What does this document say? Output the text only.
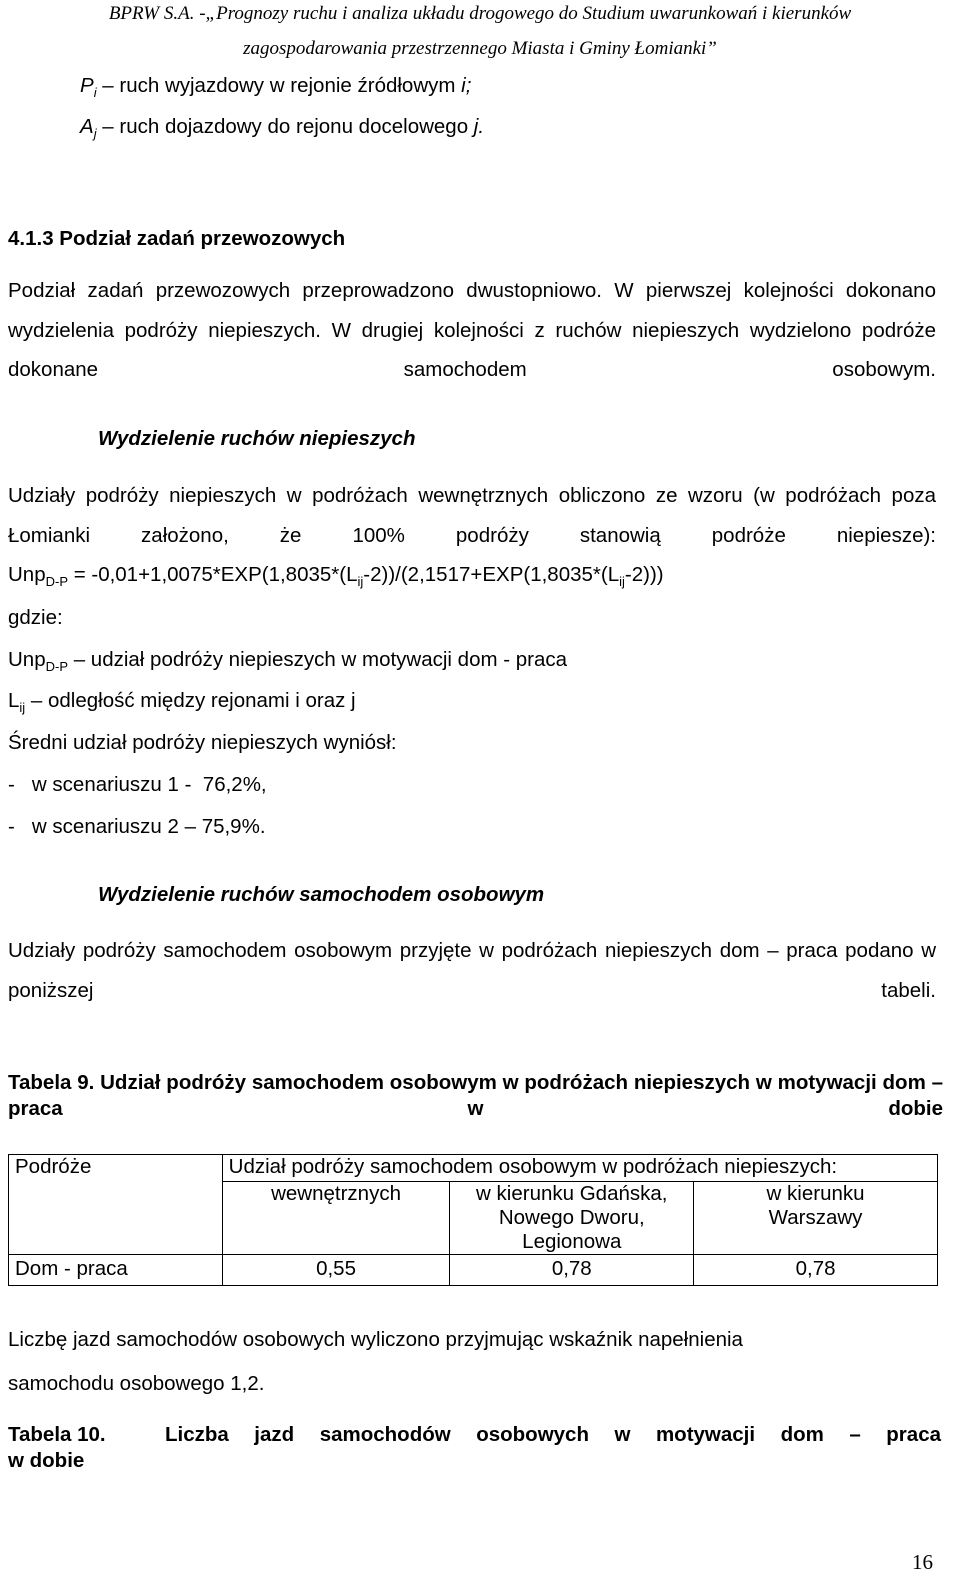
BPRW S.A. -„Prognozy ruchu i analiza układu drogowego do Studium uwarunkowań i kierunków
zagospodarowania przestrzennego Miasta i Gminy Łomianki”
$P_i$ – ruch wyjazdowy w rejonie źródłowym i;
$A_j$ – ruch dojazdowy do rejonu docelowego j.
4.1.3 Podział zadań przewozowych
Podział zadań przewozowych przeprowadzono dwustopniowo. W pierwszej kolejności dokonano wydzielenia podróży niepieszych. W drugiej kolejności z ruchów niepieszych wydzielono podróże dokonane samochodem osobowym.
Wydzielenie ruchów niepieszych
Udziały podróży niepieszych w podróżach wewnętrznych obliczono ze wzoru (w podróżach poza Łomianki założono, że 100% podróży stanowią podróże niepiesze):
$Unp_{D-P} = -0,01+1,0075*EXP(1,8035*(L_{ij}-2))/(2,1517+EXP(1,8035*(L_{ij}-2)))$
gdzie:
Unp$_{D-P}$ – udział podróży niepieszych w motywacji dom - praca
$L_{ij}$ – odległość między rejonami i oraz j
Średni udział podróży niepieszych wyniósł:
-   w scenariuszu 1 -  76,2%,
-   w scenariuszu 2 – 75,9%.
Wydzielenie ruchów samochodem osobowym
Udziały podróży samochodem osobowym przyjęte w podróżach niepieszych dom – praca podano w poniższej tabeli.
Tabela 9. Udział podróży samochodem osobowym w podróżach niepieszych w motywacji dom – praca w dobie
Podróże	Udział podróży samochodem osobowym w podróżach niepieszych:		
	wewnętrznych	w kierunku Gdańska, Nowego Dworu, Legionowa	w kierunku Warszawy
Dom - praca	0,55	0,78	0,78
Liczbę jazd samochodów osobowych wyliczono przyjmując wskaźnik napełnienia
samochodu osobowego 1,2.
Tabela 10.	Liczba jazd samochodów osobowych w motywacji dom – praca
w dobie
16
